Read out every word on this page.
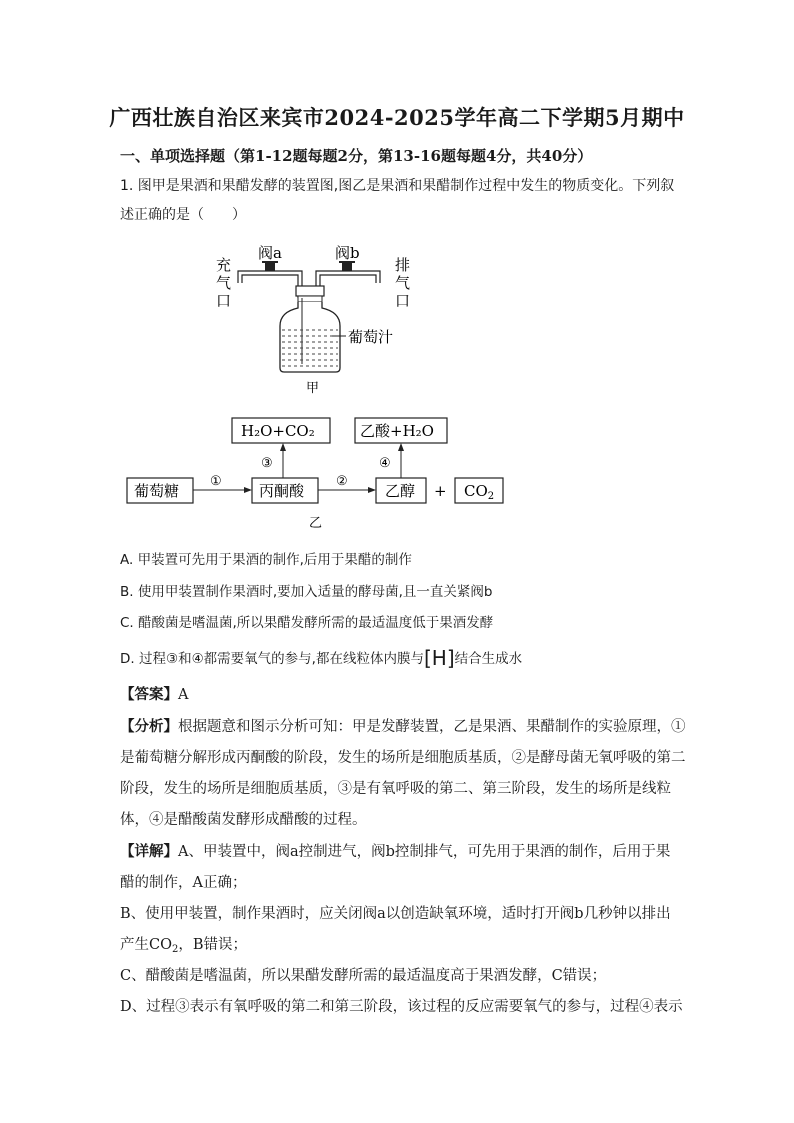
广西壮族自治区来宾市2024-2025学年高二下学期5月期中
一、单项选择题（第1-12题每题2分，第13-16题每题4分，共40分）
1. 图甲是果酒和果醋发酵的装置图,图乙是果酒和果醋制作过程中发生的物质变化。下列叙
述正确的是（　　）
阀a	阀b
充
气
口
排
气
口
葡萄汁
甲
H₂O+CO₂	乙酸+H₂O
葡萄糖	丙酮酸	乙醇 + $CO_2$
①	②
③	④
乙
A. 甲装置可先用于果酒的制作,后用于果醋的制作
B. 使用甲装置制作果酒时,要加入适量的酵母菌,且一直关紧阀b
C. 醋酸菌是嗜温菌,所以果醋发酵所需的最适温度低于果酒发酵
D. 过程③和④都需要氧气的参与,都在线粒体内膜与[H]结合生成水
【答案】A
【分析】根据题意和图示分析可知：甲是发酵装置，乙是果酒、果醋制作的实验原理，①
是葡萄糖分解形成丙酮酸的阶段，发生的场所是细胞质基质，②是酵母菌无氧呼吸的第二
阶段，发生的场所是细胞质基质，③是有氧呼吸的第二、第三阶段，发生的场所是线粒
体，④是醋酸菌发酵形成醋酸的过程。
【详解】A、甲装置中，阀a控制进气，阀b控制排气，可先用于果酒的制作，后用于果
醋的制作，A正确；
B、使用甲装置，制作果酒时，应关闭阀a以创造缺氧环境，适时打开阀b几秒钟以排出
产生$CO_2$，B错误；
C、醋酸菌是嗜温菌，所以果醋发酵所需的最适温度高于果酒发酵，C错误；
D、过程③表示有氧呼吸的第二和第三阶段，该过程的反应需要氧气的参与，过程④表示
